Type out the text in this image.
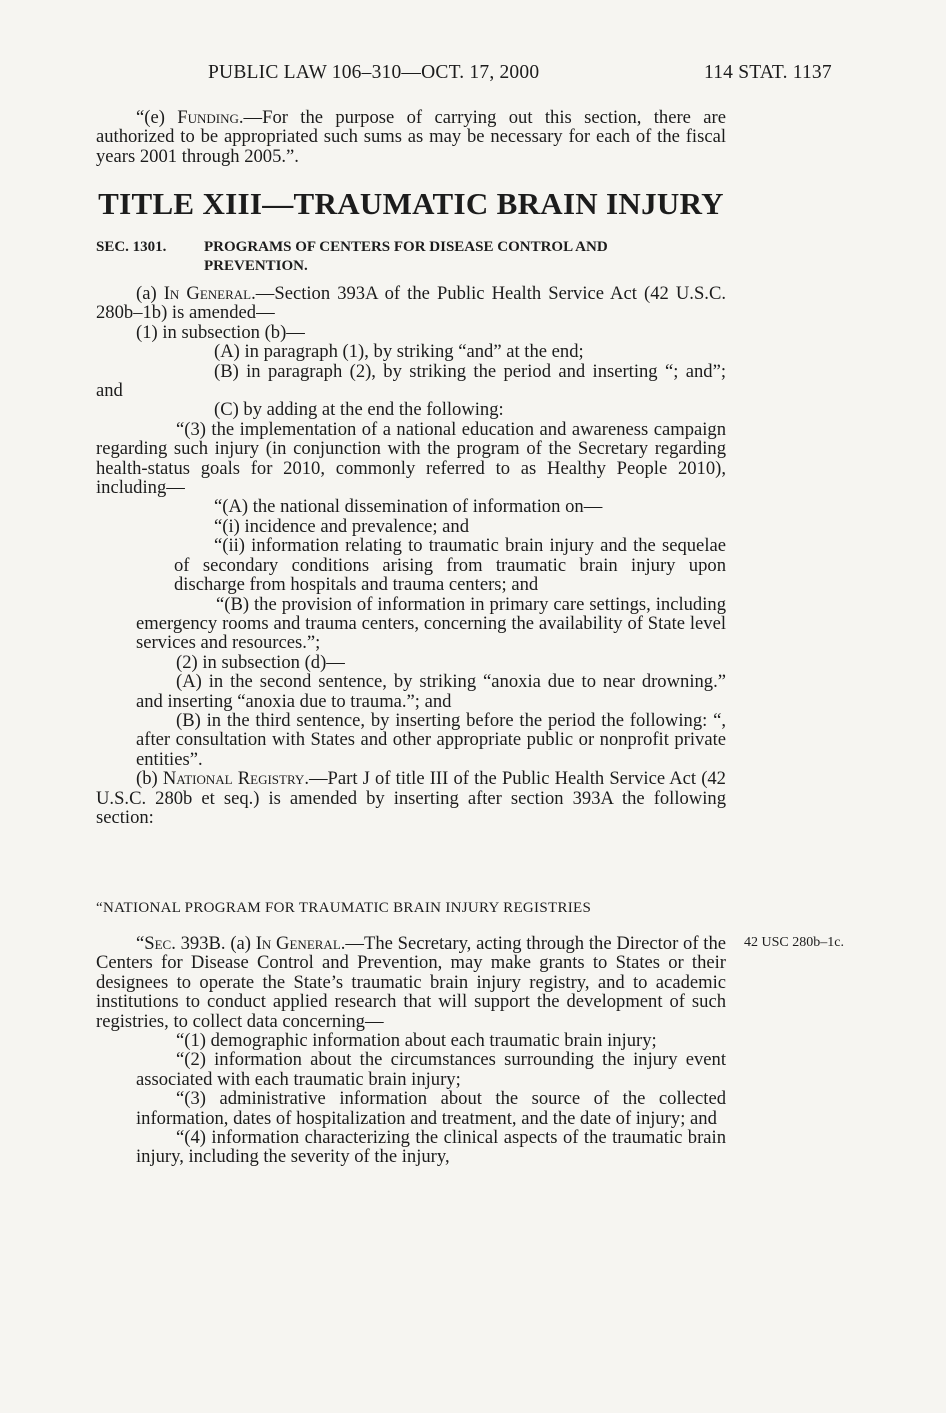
PUBLIC LAW 106–310—OCT. 17, 2000	114 STAT. 1137

“(e) Funding.—For the purpose of carrying out this section, there are authorized to be appropriated such sums as may be necessary for each of the fiscal years 2001 through 2005.”.

TITLE XIII—TRAUMATIC BRAIN INJURY
SEC. 1301.	PROGRAMS OF CENTERS FOR DISEASE CONTROL AND
PREVENTION.

(a) In General.—Section 393A of the Public Health Service Act (42 U.S.C. 280b–1b) is amended—

(1) in subsection (b)—

(A) in paragraph (1), by striking “and” at the end;

(B) in paragraph (2), by striking the period and inserting “; and”; and

(C) by adding at the end the following:

“(3) the implementation of a national education and awareness campaign regarding such injury (in conjunction with the program of the Secretary regarding health-status goals for 2010, commonly referred to as Healthy People 2010), including—

“(A) the national dissemination of information on—

“(i) incidence and prevalence; and

“(ii) information relating to traumatic brain injury and the sequelae of secondary conditions arising from traumatic brain injury upon discharge from hospitals and trauma centers; and

“(B) the provision of information in primary care settings, including emergency rooms and trauma centers, concerning the availability of State level services and resources.”;

(2) in subsection (d)—

(A) in the second sentence, by striking “anoxia due to near drowning.” and inserting “anoxia due to trauma.”; and

(B) in the third sentence, by inserting before the period the following: “, after consultation with States and other appropriate public or nonprofit private entities”.

(b) National Registry.—Part J of title III of the Public Health Service Act (42 U.S.C. 280b et seq.) is amended by inserting after section 393A the following section:

“NATIONAL PROGRAM FOR TRAUMATIC BRAIN INJURY REGISTRIES
42 USC 280b–1c.

“Sec. 393B. (a) In General.—The Secretary, acting through the Director of the Centers for Disease Control and Prevention, may make grants to States or their designees to operate the State’s traumatic brain injury registry, and to academic institutions to conduct applied research that will support the development of such registries, to collect data concerning—

“(1) demographic information about each traumatic brain injury;

“(2) information about the circumstances surrounding the injury event associated with each traumatic brain injury;

“(3) administrative information about the source of the collected information, dates of hospitalization and treatment, and the date of injury; and

“(4) information characterizing the clinical aspects of the traumatic brain injury, including the severity of the injury,
